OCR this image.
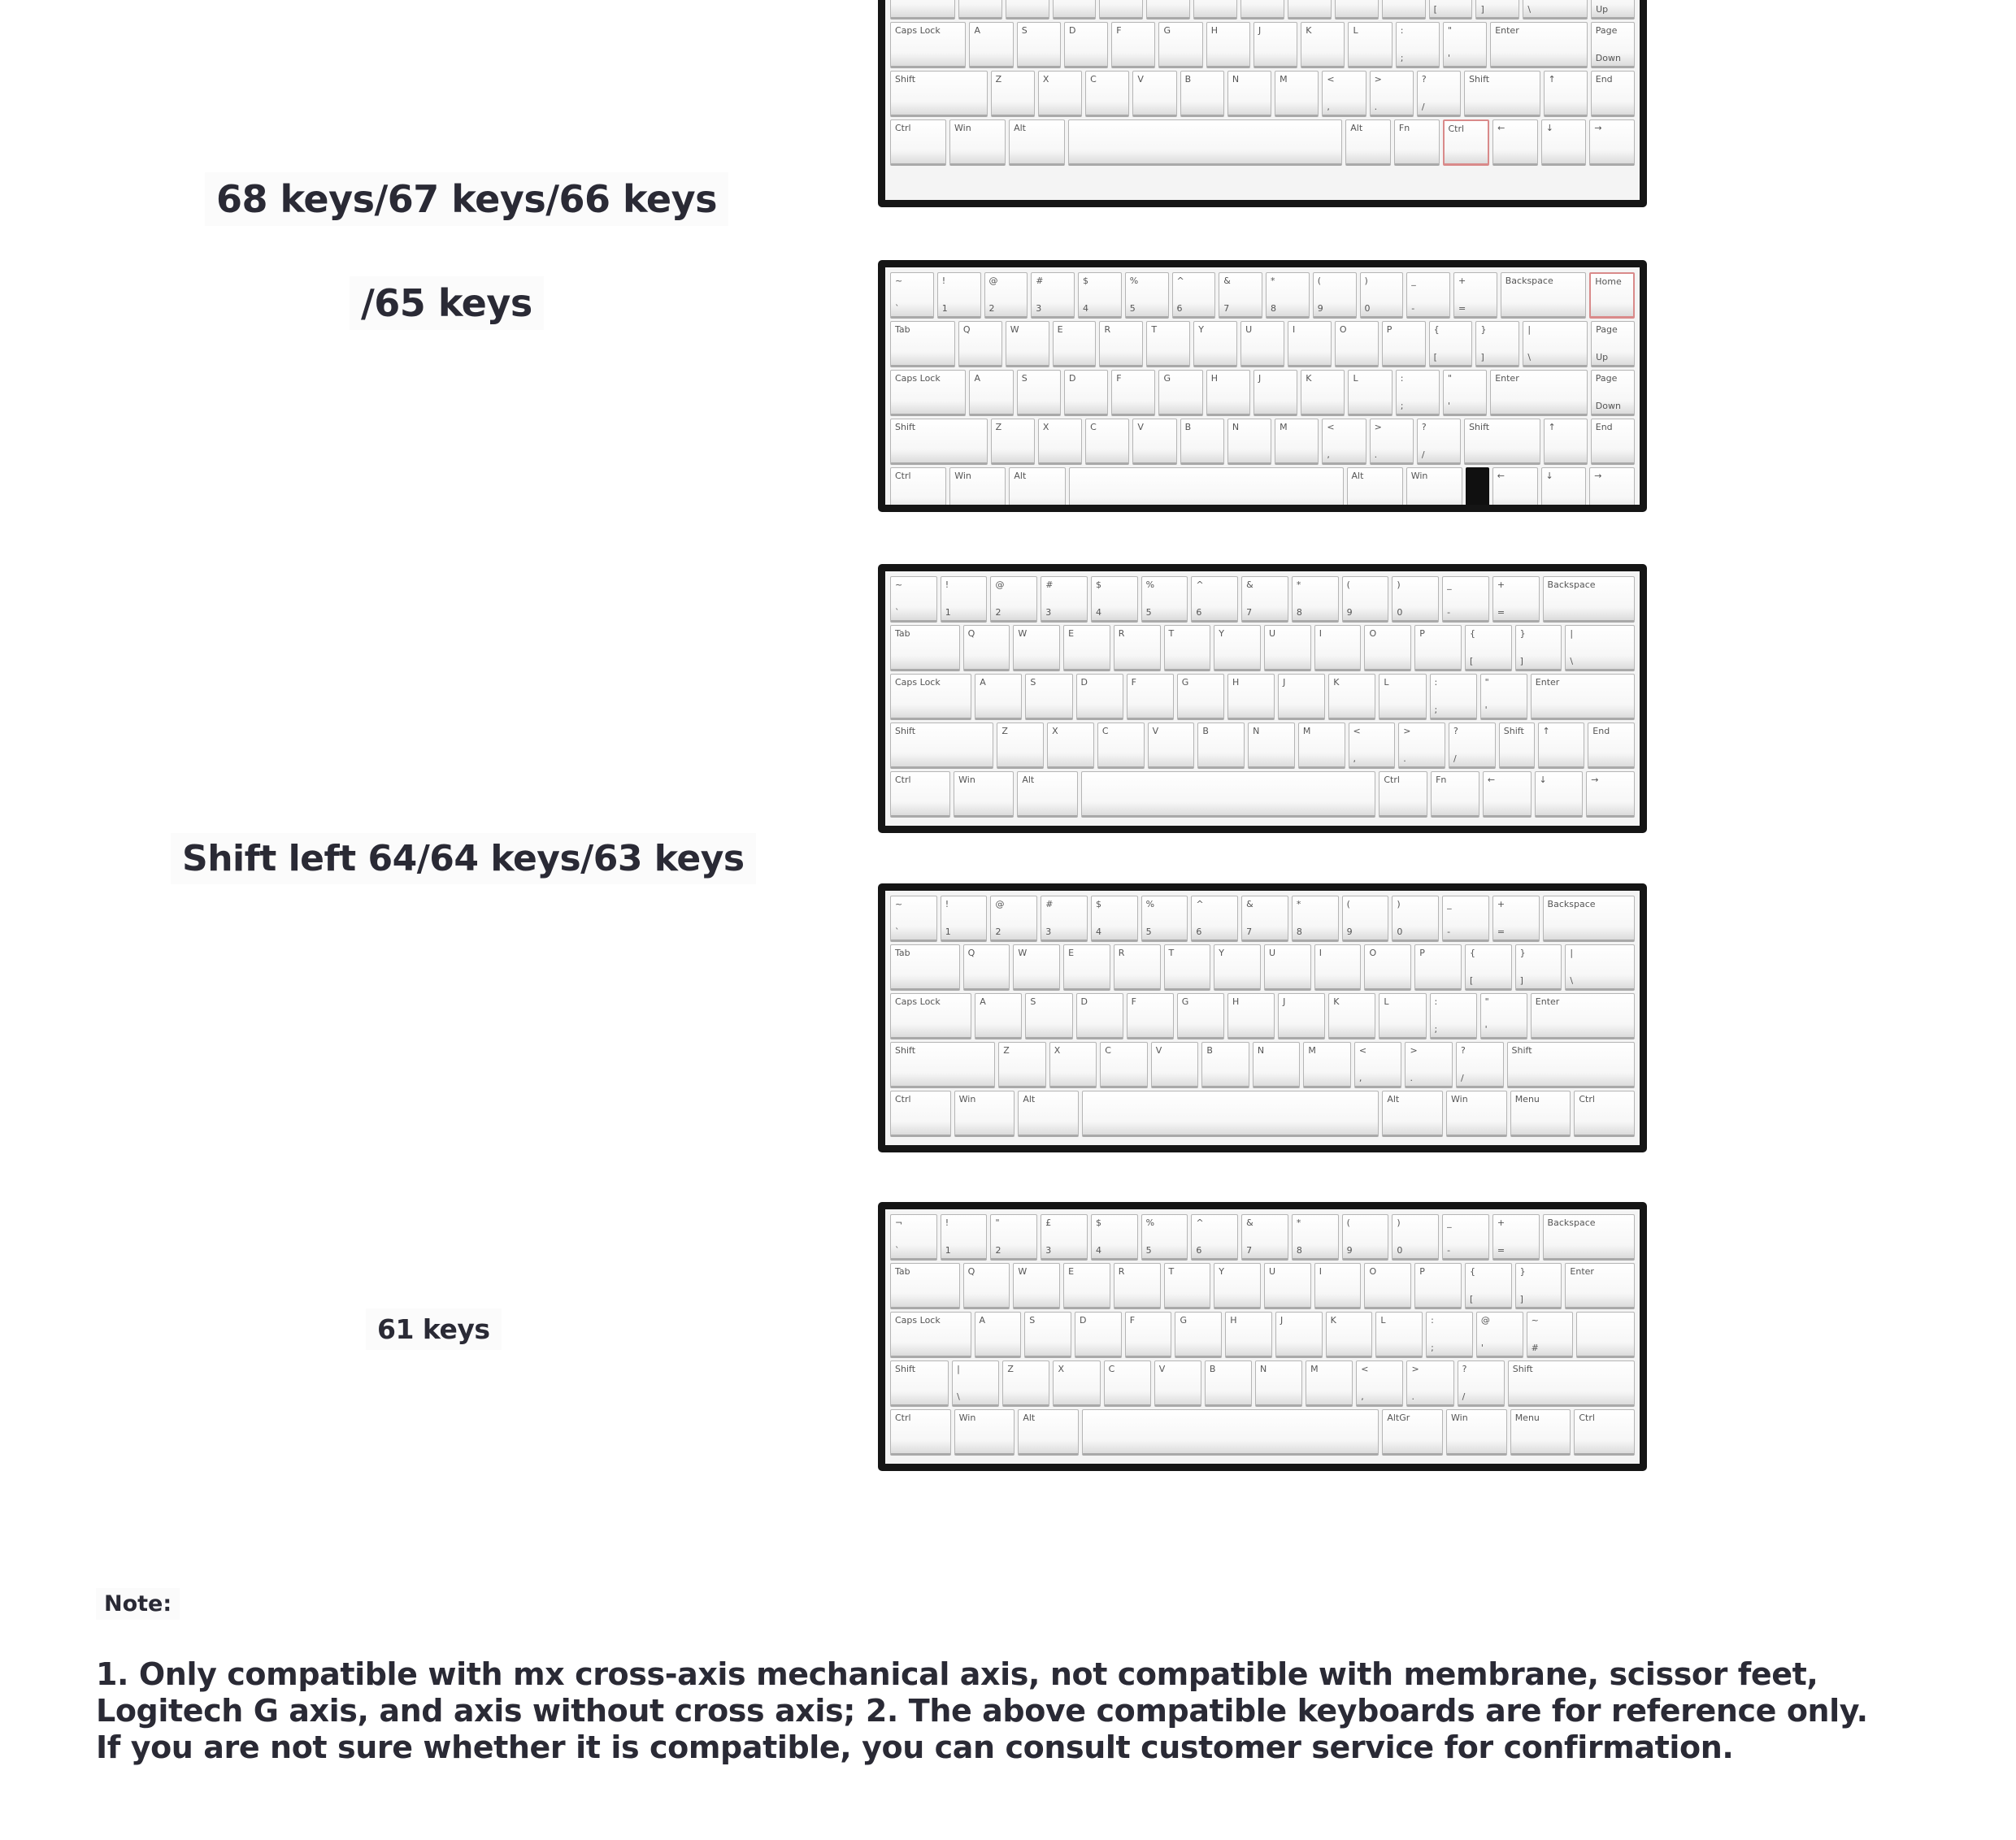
68 keys/67 keys/66 keys
/65 keys
Shift left 64/64 keys/63 keys
61 keys
[	]	\	Up
Caps Lock	A	S	D	F	G	H	J	K	L	:
;
"
'
Enter	Page
Down
Shift	Z	X	C	V	B	N	M	<
,
>
.
?
/
Shift	↑	End
Ctrl	Win	Alt	Alt	Fn	Ctrl	←	↓	→
~
`
!
1
@
2
#
3
$
4
%
5
^
6
&
7
*
8
(
9
)
0
_
-
+
=
Backspace	Home
Tab	Q	W	E	R	T	Y	U	I	O	P	{
[
}
]
|
\
Page
Up
Caps Lock	A	S	D	F	G	H	J	K	L	:
;
"
'
Enter	Page
Down
Shift	Z	X	C	V	B	N	M	<
,
>
.
?
/
Shift	↑	End
Ctrl	Win	Alt	Alt	Win	←	↓	→
~
`
!
1
@
2
#
3
$
4
%
5
^
6
&
7
*
8
(
9
)
0
_
-
+
=
Backspace
Tab	Q	W	E	R	T	Y	U	I	O	P	{
[
}
]
|
\
Caps Lock	A	S	D	F	G	H	J	K	L	:
;
"
'
Enter
Shift	Z	X	C	V	B	N	M	<
,
>
.
?
/
Shift ↑	End
Ctrl	Win	Alt	Ctrl	Fn	←	↓	→
~
`
!
1
@
2
#
3
$
4
%
5
^
6
&
7
*
8
(
9
)
0
_
-
+
=
Backspace
Tab	Q	W	E	R	T	Y	U	I	O	P	{
[
}
]
|
\
Caps Lock	A	S	D	F	G	H	J	K	L	:
;
"
'
Enter
Shift	Z	X	C	V	B	N	M	<
,
>
.
?
/
Shift
Ctrl	Win	Alt	Alt	Win	Menu	Ctrl
¬
`
!
1
"
2
£
3
$
4
%
5
^
6
&
7
*
8
(
9
)
0
_
-
+
=
Backspace
Tab	Q	W	E	R	T	Y	U	I	O	P	{
[
}
]
Enter
Caps Lock	A	S	D	F	G	H	J	K	L	:
;
@
'
~
#
Shift	|
\
Z	X	C	V	B	N	M	<
,
>
.
?
/
Shift
Ctrl	Win	Alt	AltGr	Win	Menu	Ctrl
Note:
1. Only compatible with mx cross-axis mechanical axis, not compatible with membrane, scissor feet,
Logitech G axis, and axis without cross axis; 2. The above compatible keyboards are for reference only.
If you are not sure whether it is compatible, you can consult customer service for confirmation.
